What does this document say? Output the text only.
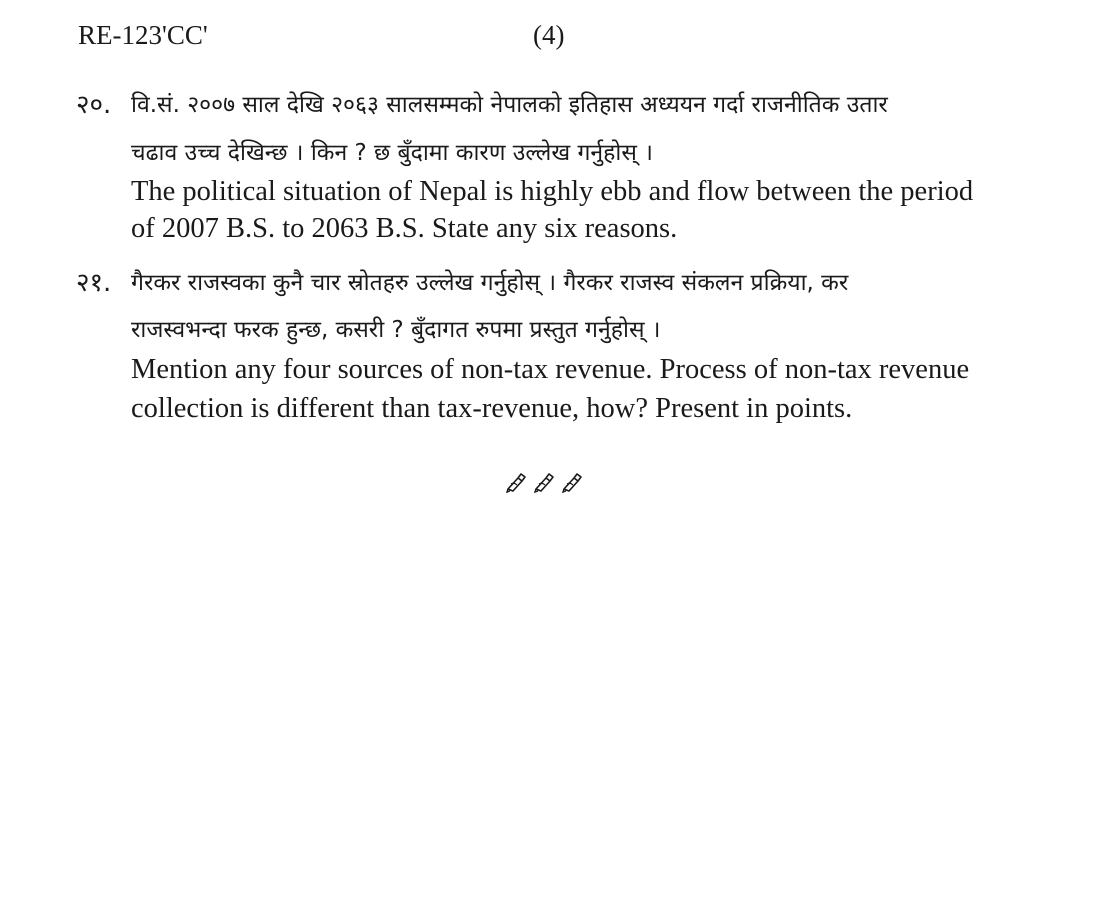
RE-123'CC'	(4)
२०. वि.सं. २००७ साल देखि २०६३ सालसम्मको नेपालको इतिहास अध्ययन गर्दा राजनीतिक उतार
चढाव उच्च देखिन्छ । किन ? छ बुँदामा कारण उल्लेख गर्नुहोस् ।
The political situation of Nepal is highly ebb and flow between the period
of 2007 B.S. to 2063 B.S. State any six reasons.
२१. गैरकर राजस्वका कुनै चार स्रोतहरु उल्लेख गर्नुहोस् । गैरकर राजस्व संकलन प्रक्रिया, कर
राजस्वभन्दा फरक हुन्छ, कसरी ? बुँदागत रुपमा प्रस्तुत गर्नुहोस् ।
Mention any four sources of non-tax revenue. Process of non-tax revenue
collection is different than tax-revenue, how? Present in points.
